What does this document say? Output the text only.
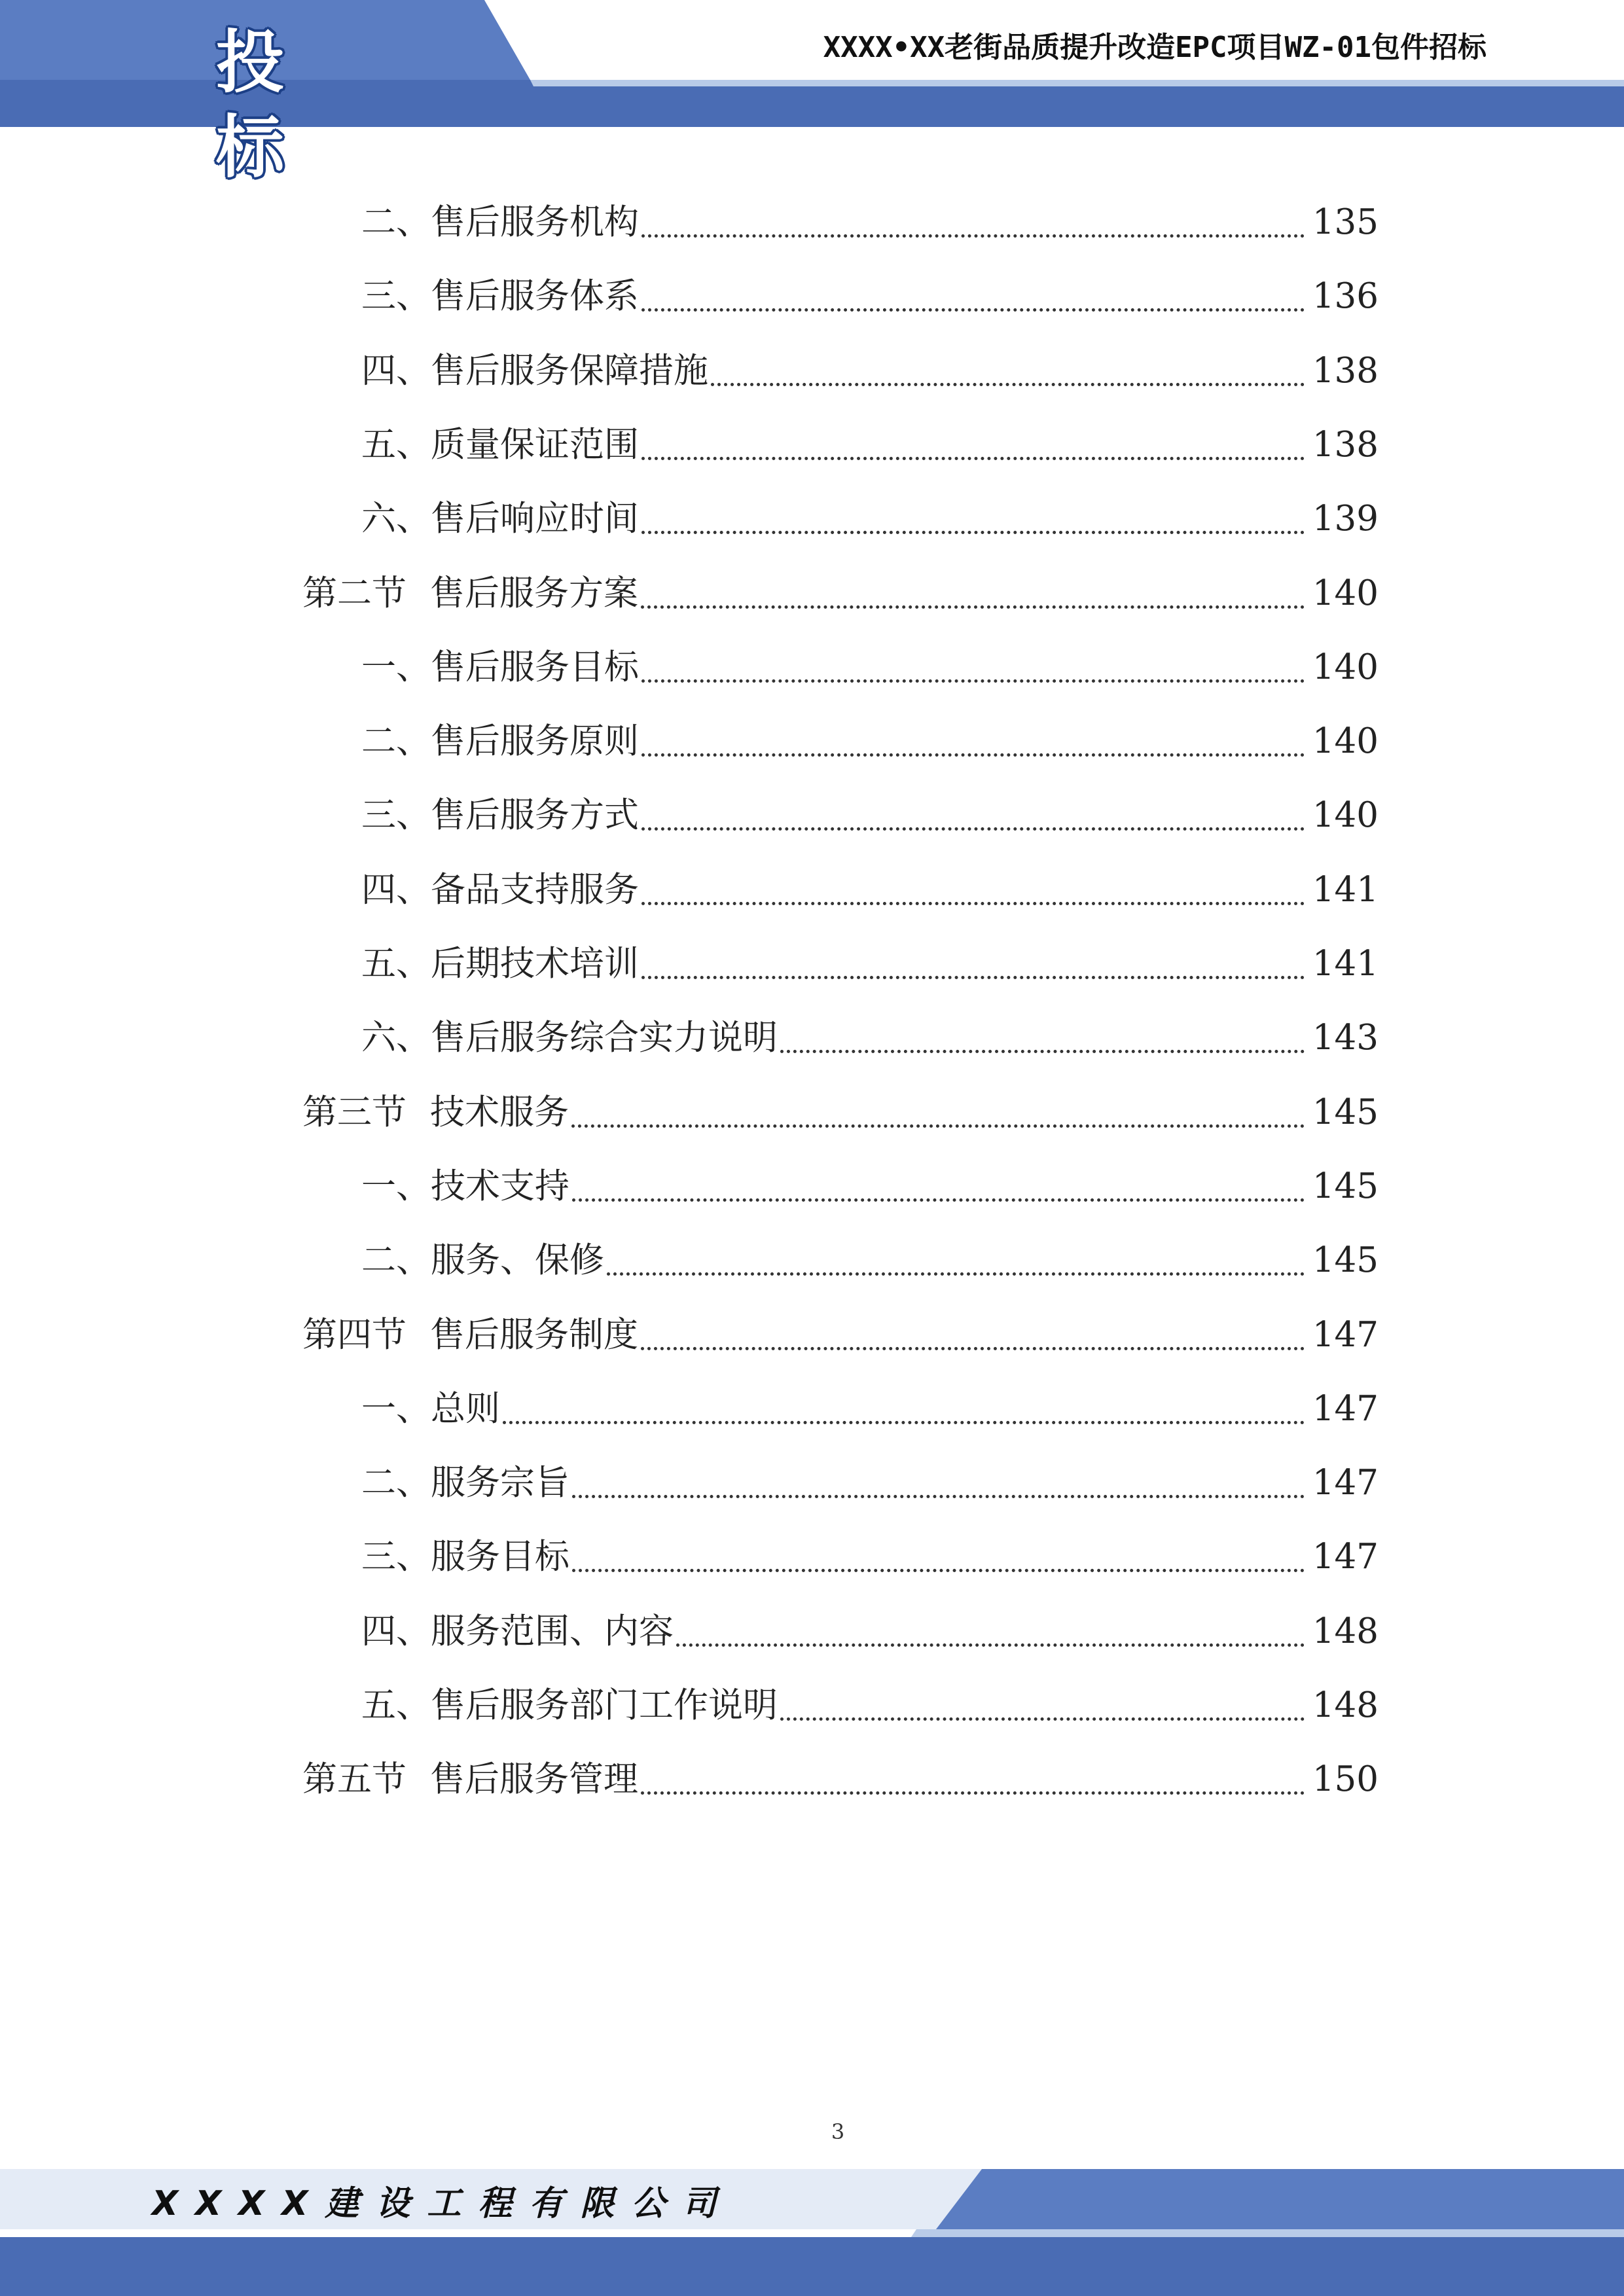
投 标
XXXX•XX老街品质提升改造EPC项目WZ-01包件招标
二、售后服务机构	135
三、售后服务体系	136
四、售后服务保障措施	138
五、质量保证范围	138
六、售后响应时间	139
第二节 售后服务方案	140
一、售后服务目标	140
二、售后服务原则	140
三、售后服务方式	140
四、备品支持服务	141
五、后期技术培训	141
六、售后服务综合实力说明	143
第三节 技术服务	145
一、技术支持	145
二、服务、保修	145
第四节 售后服务制度	147
一、总则	147
二、服务宗旨	147
三、服务目标	147
四、服务范围、内容	148
五、售后服务部门工作说明	148
第五节 售后服务管理	150
3
XXXX建设工程有限公司
